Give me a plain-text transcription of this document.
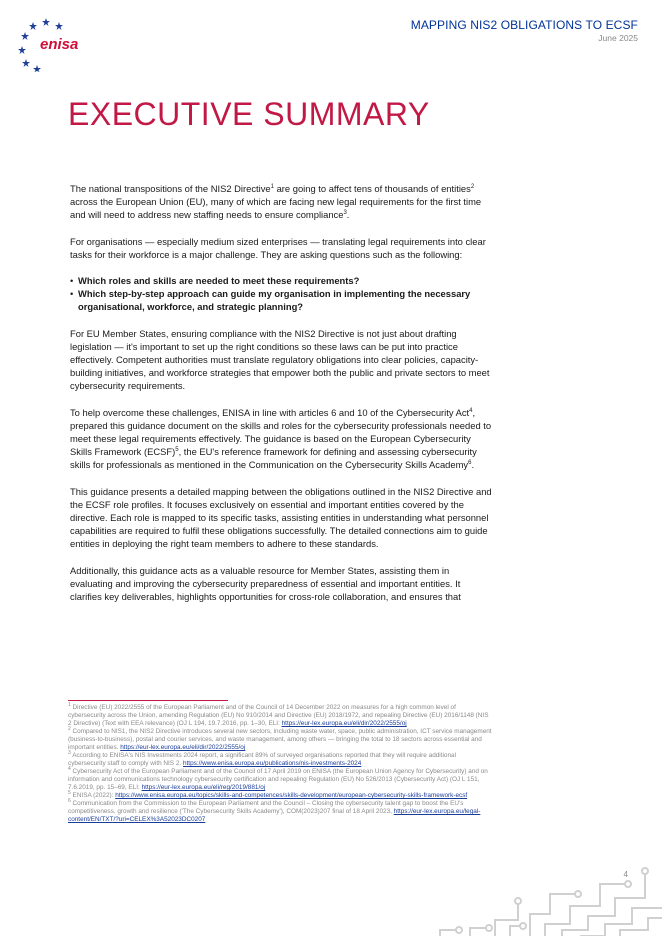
enisa
MAPPING NIS2 OBLIGATIONS TO ECSF
June 2025
EXECUTIVE SUMMARY

The national transpositions of the NIS2 Directive$^1$ are going to affect tens of thousands of entities$^2$ across the European Union (EU), many of which are facing new legal requirements for the first time and will need to address new staffing needs to ensure compliance$^3$.

For organisations — especially medium sized enterprises — translating legal requirements into clear tasks for their workforce is a major challenge. They are asking questions such as the following:

• Which roles and skills are needed to meet these requirements?
• Which step-by-step approach can guide my organisation in implementing the necessary organisational, workforce, and strategic planning?

For EU Member States, ensuring compliance with the NIS2 Directive is not just about drafting legislation — it's important to set up the right conditions so these laws can be put into practice effectively. Competent authorities must translate regulatory obligations into clear policies, capacity-building initiatives, and workforce strategies that empower both the public and private sectors to meet cybersecurity requirements.

To help overcome these challenges, ENISA in line with articles 6 and 10 of the Cybersecurity Act$^4$, prepared this guidance document on the skills and roles for the cybersecurity professionals needed to meet these legal requirements effectively. The guidance is based on the European Cybersecurity Skills Framework (ECSF)$^5$, the EU's reference framework for defining and assessing cybersecurity skills for professionals as mentioned in the Communication on the Cybersecurity Skills Academy$^6$.

This guidance presents a detailed mapping between the obligations outlined in the NIS2 Directive and the ECSF role profiles. It focuses exclusively on essential and important entities covered by the directive. Each role is mapped to its specific tasks, assisting entities in understanding what personnel capabilities are required to fulfil these obligations successfully. The detailed connections aim to guide entities in deploying the right team members to adhere to these standards.

Additionally, this guidance acts as a valuable resource for Member States, assisting them in evaluating and improving the cybersecurity preparedness of essential and important entities. It clarifies key deliverables, highlights opportunities for cross-role collaboration, and ensures that

$^1$ Directive (EU) 2022/2555 of the European Parliament and of the Council of 14 December 2022 on measures for a high common level of cybersecurity across the Union, amending Regulation (EU) No 910/2014 and Directive (EU) 2018/1972, and repealing Directive (EU) 2016/1148 (NIS 2 Directive) (Text with EEA relevance) (OJ L 194, 19.7.2016, pp. 1–30, ELI: https://eur-lex.europa.eu/eli/dir/2022/2555/oj

$^2$ Compared to NIS1, the NIS2 Directive introduces several new sectors, including waste water, space, public administration, ICT service management (business-to-business), postal and courier services, and waste management, among others — bringing the total to 18 sectors across essential and important entities. https://eur-lex.europa.eu/eli/dir/2022/2555/oj

$^3$ According to ENISA's NIS Investments 2024 report, a significant 89% of surveyed organisations reported that they will require additional cybersecurity staff to comply with NIS 2. https://www.enisa.europa.eu/publications/nis-investments-2024

$^4$ Cybersecurity Act of the European Parliament and of the Council of 17 April 2019 on ENISA (the European Union Agency for Cybersecurity) and on information and communications technology cybersecurity certification and repealing Regulation (EU) No 526/2013 (Cybersecurity Act) (OJ L 151, 7.6.2019, pp. 15–69, ELI: https://eur-lex.europa.eu/eli/reg/2019/881/oj

$^5$ ENISA (2022): https://www.enisa.europa.eu/topics/skills-and-competences/skills-development/european-cybersecurity-skills-framework-ecsf

$^6$ Communication from the Commission to the European Parliament and the Council – Closing the cybersecurity talent gap to boost the EU's competitiveness, growth and resilience ('The Cybersecurity Skills Academy'), COM(2023)207 final of 18 April 2023, https://eur-lex.europa.eu/legal-content/EN/TXT/?uri=CELEX%3A52023DC0207

4
